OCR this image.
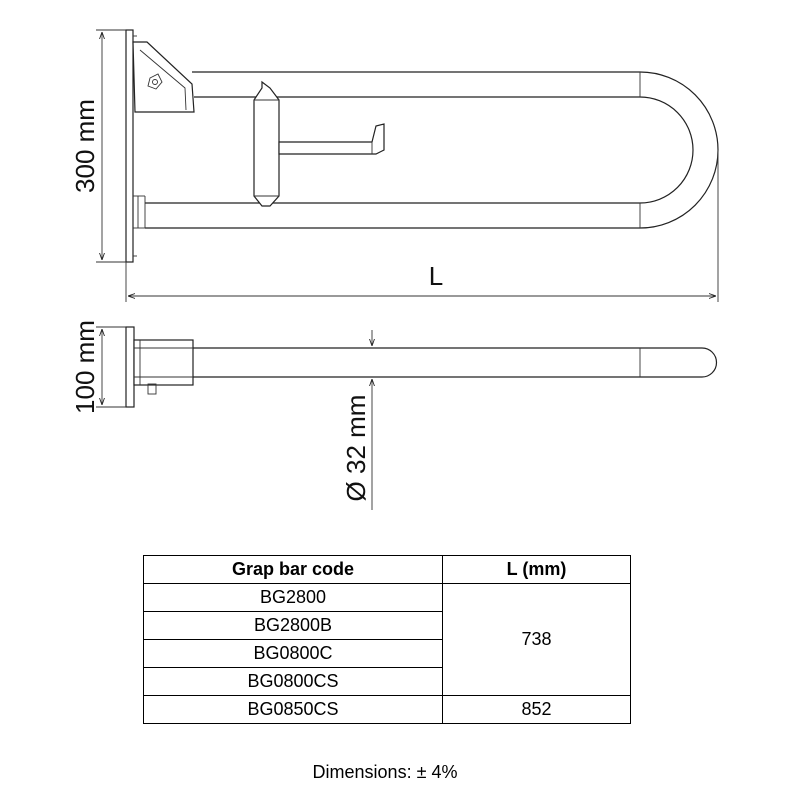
300 mm
L
100 mm
Ø 32 mm
Grap bar code	L (mm)
BG2800	738
BG2800B	
BG0800C	
BG0800CS	
BG0850CS	852
Dimensions: ± 4%
